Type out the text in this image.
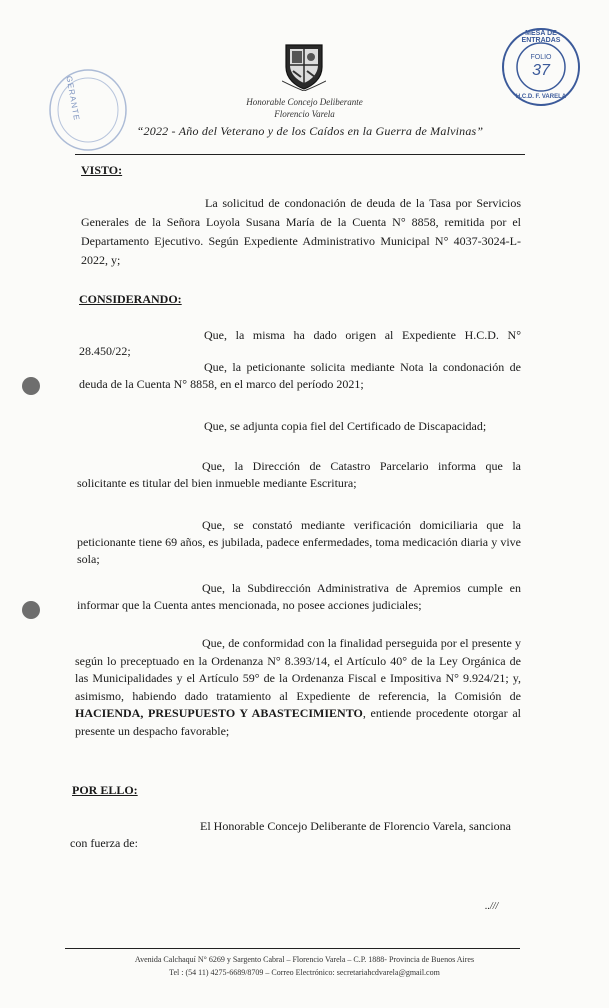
GERANTE
MESA DE ENTRADAS
H.C.D. F. VARELA
FOLIO
37
Honorable Concejo Deliberante
Florencio Varela
“2022 - Año del Veterano y de los Caídos en la Guerra de Malvinas”
VISTO:
La solicitud de condonación de deuda de la Tasa por Servicios Generales de la Señora Loyola Susana María de la Cuenta N° 8858, remitida por el Departamento Ejecutivo. Según Expediente Administrativo Municipal N° 4037-3024-L-2022, y;
CONSIDERANDO:
Que, la misma ha dado origen al Expediente H.C.D. N° 28.450/22;
Que, la peticionante solicita mediante Nota la condonación de deuda de la Cuenta N° 8858, en el marco del período 2021;
Que, se adjunta copia fiel del Certificado de Discapacidad;
Que, la Dirección de Catastro Parcelario informa que la solicitante es titular del bien inmueble mediante Escritura;
Que, se constató mediante verificación domiciliaria que la peticionante tiene 69 años, es jubilada, padece enfermedades, toma medicación diaria y vive sola;
Que, la Subdirección Administrativa de Apremios cumple en informar que la Cuenta antes mencionada, no posee acciones judiciales;
Que, de conformidad con la finalidad perseguida por el presente y según lo preceptuado en la Ordenanza N° 8.393/14, el Artículo 40° de la Ley Orgánica de las Municipalidades y el Artículo 59° de la Ordenanza Fiscal e Impositiva N° 9.924/21; y, asimismo, habiendo dado tratamiento al Expediente de referencia, la Comisión de HACIENDA, PRESUPUESTO Y ABASTECIMIENTO, entiende procedente otorgar al presente un despacho favorable;
POR ELLO:
El Honorable Concejo Deliberante de Florencio Varela, sanciona
con fuerza de:
..///
Avenida Calchaquí N° 6269 y Sargento Cabral – Florencio Varela – C.P. 1888- Provincia de Buenos Aires
Tel : (54 11) 4275-6689/8709 – Correo Electrónico: secretariahcdvarela@gmail.com
